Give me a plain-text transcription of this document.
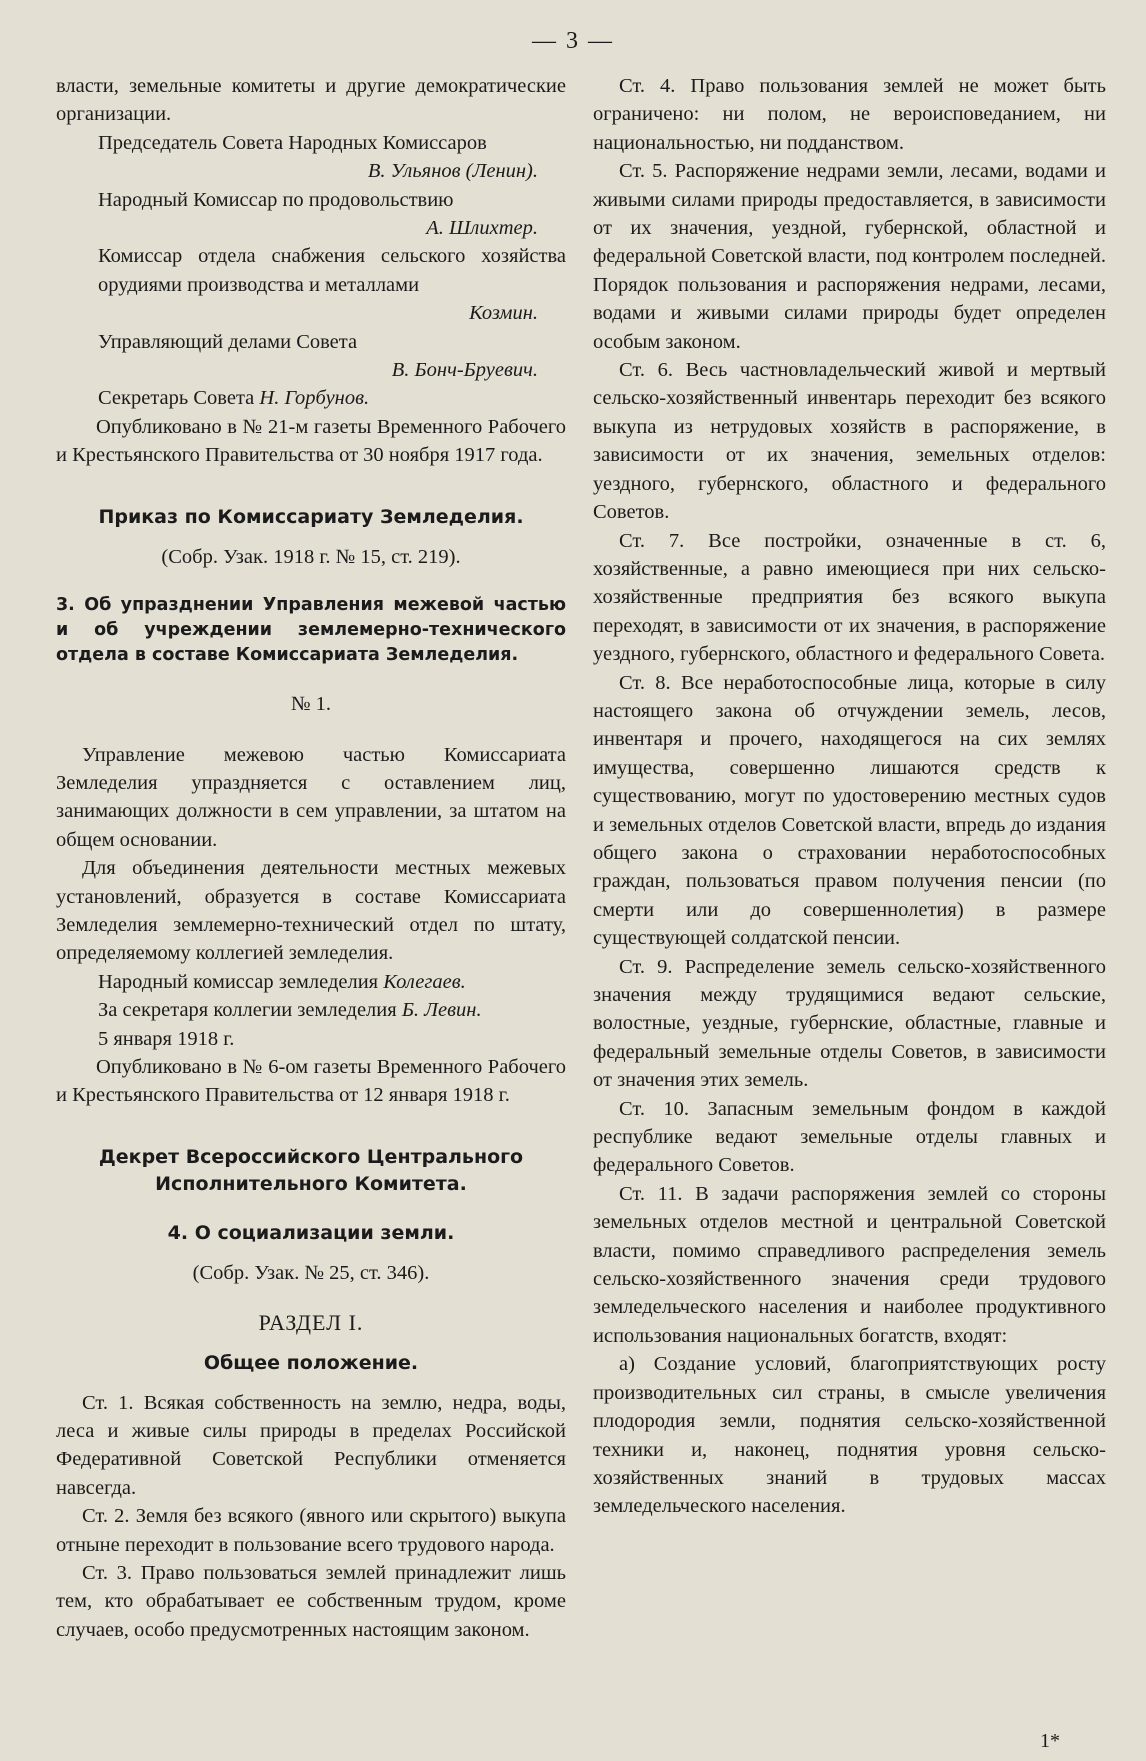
— 3 —

власти, земельные комитеты и другие демократические организации.

Председатель Совета Народных Комиссаров

В. Ульянов (Ленин).

Народный Комиссар по продовольствию

А. Шлихтер.

Комиссар отдела снабжения сельского хозяйства орудиями производства и металлами

Козмин.

Управляющий делами Совета

В. Бонч-Бруевич.

Секретарь Совета Н. Горбунов.

Опубликовано в № 21-м газеты Временного Рабочего и Крестьянского Правительства от 30 ноября 1917 года.

Приказ по Комиссариату Земледелия.

(Собр. Узак. 1918 г. № 15, ст. 219).

3. Об упразднении Управления межевой частью и об учреждении землемерно-технического отдела в составе Комиссариата Земледелия.

№ 1.

Управление межевою частью Комиссариата Земледелия упраздняется с оставлением лиц, занимающих должности в сем управлении, за штатом на общем основании.

Для объединения деятельности местных межевых установлений, образуется в составе Комиссариата Земледелия землемерно-технический отдел по штату, определяемому коллегией земледелия.

Народный комиссар земледелия Колегаев.

За секретаря коллегии земледелия Б. Левин.

5 января 1918 г.

Опубликовано в № 6-ом газеты Временного Рабочего и Крестьянского Правительства от 12 января 1918 г.

Декрет Всероссийского Центрального Исполнительного Комитета.

4. О социализации земли.

(Собр. Узак. № 25, ст. 346).

РАЗДЕЛ I.

Общее положение.

Ст. 1. Всякая собственность на землю, недра, воды, леса и живые силы природы в пределах Российской Федеративной Советской Республики отменяется навсегда.

Ст. 2. Земля без всякого (явного или скрытого) выкупа отныне переходит в пользование всего трудового народа.

Ст. 3. Право пользоваться землей принадлежит лишь тем, кто обрабатывает ее собственным трудом, кроме случаев, особо предусмотренных настоящим законом.

Ст. 4. Право пользования землей не может быть ограничено: ни полом, не вероисповеданием, ни национальностью, ни подданством.

Ст. 5. Распоряжение недрами земли, лесами, водами и живыми силами природы предоставляется, в зависимости от их значения, уездной, губернской, областной и федеральной Советской власти, под контролем последней. Порядок пользования и распоряжения недрами, лесами, водами и живыми силами природы будет определен особым законом.

Ст. 6. Весь частновладельческий живой и мертвый сельско-хозяйственный инвентарь переходит без всякого выкупа из нетрудовых хозяйств в распоряжение, в зависимости от их значения, земельных отделов: уездного, губернского, областного и федерального Советов.

Ст. 7. Все постройки, означенные в ст. 6, хозяйственные, а равно имеющиеся при них сельско-хозяйственные предприятия без всякого выкупа переходят, в зависимости от их значения, в распоряжение уездного, губернского, областного и федерального Совета.

Ст. 8. Все неработоспособные лица, которые в силу настоящего закона об отчуждении земель, лесов, инвентаря и прочего, находящегося на сих землях имущества, совершенно лишаются средств к существованию, могут по удостоверению местных судов и земельных отделов Советской власти, впредь до издания общего закона о страховании неработоспособных граждан, пользоваться правом получения пенсии (по смерти или до совершеннолетия) в размере существующей солдатской пенсии.

Ст. 9. Распределение земель сельско-хозяйственного значения между трудящимися ведают сельские, волостные, уездные, губернские, областные, главные и федеральный земельные отделы Советов, в зависимости от значения этих земель.

Ст. 10. Запасным земельным фондом в каждой республике ведают земельные отделы главных и федерального Советов.

Ст. 11. В задачи распоряжения землей со стороны земельных отделов местной и центральной Советской власти, помимо справедливого распределения земель сельско-хозяйственного значения среди трудового земледельческого населения и наиболее продуктивного использования национальных богатств, входят:

а) Создание условий, благоприятствующих росту производительных сил страны, в смысле увеличения плодородия земли, поднятия сельско-хозяйственной техники и, наконец, поднятия уровня сельско-хозяйственных знаний в трудовых массах земледельческого населения.

1*
